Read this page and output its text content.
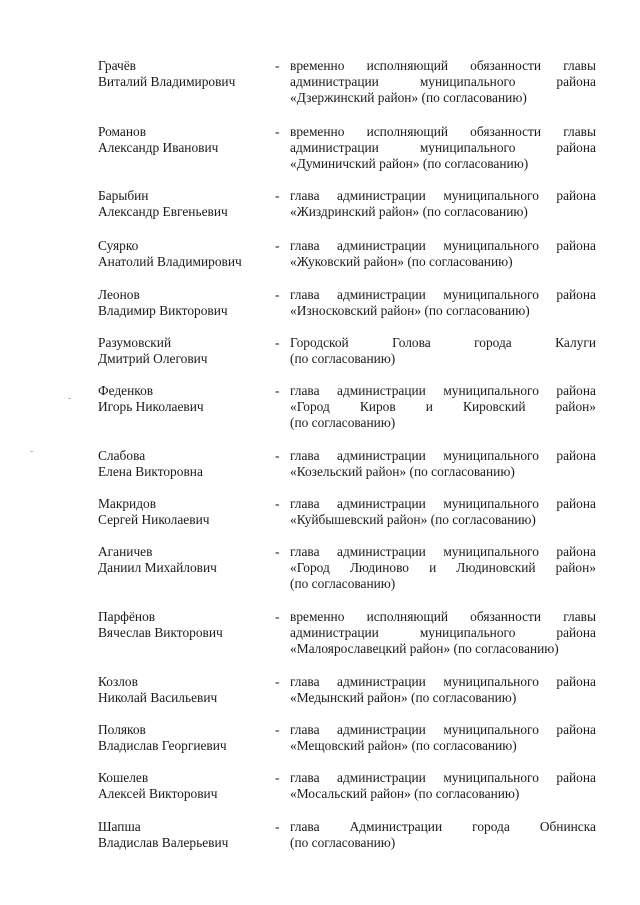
Грачёв
Виталий Владимирович
- временно исполняющий обязанности главы
администрации муниципального района
«Дзержинский район» (по согласованию)
Романов
Александр Иванович
- временно исполняющий обязанности главы
администрации муниципального района
«Думиничский район» (по согласованию)
Барыбин
Александр Евгеньевич
- глава администрации муниципального района
«Жиздринский район» (по согласованию)
Суярко
Анатолий Владимирович
- глава администрации муниципального района
«Жуковский район» (по согласованию)
Леонов
Владимир Викторович
- глава администрации муниципального района
«Износковский район» (по согласованию)
Разумовский
Дмитрий Олегович
- Городской Голова города Калуги
(по согласованию)
Феденков
Игорь Николаевич
- глава администрации муниципального района
«Город Киров и Кировский район»
(по согласованию)
Слабова
Елена Викторовна
- глава администрации муниципального района
«Козельский район» (по согласованию)
Макридов
Сергей Николаевич
- глава администрации муниципального района
«Куйбышевский район» (по согласованию)
Аганичев
Даниил Михайлович
- глава администрации муниципального района
«Город Людиново и Людиновский район»
(по согласованию)
Парфёнов
Вячеслав Викторович
- временно исполняющий обязанности главы
администрации муниципального района
«Малоярославецкий район» (по согласованию)
Козлов
Николай Васильевич
- глава администрации муниципального района
«Медынский район» (по согласованию)
Поляков
Владислав Георгиевич
- глава администрации муниципального района
«Мещовский район» (по согласованию)
Кошелев
Алексей Викторович
- глава администрации муниципального района
«Мосальский район» (по согласованию)
Шапша
Владислав Валерьевич
- глава Администрации города Обнинска
(по согласованию)
